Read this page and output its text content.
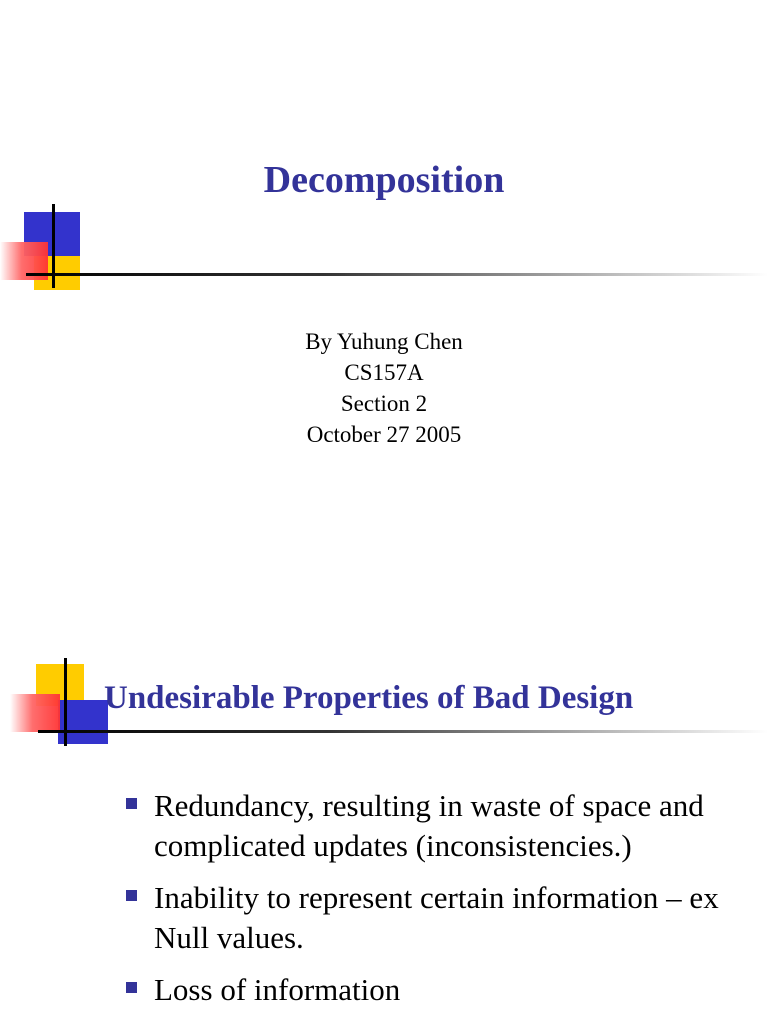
Decomposition
By Yuhung Chen
CS157A
Section 2
October 27 2005
Undesirable Properties of Bad Design
Redundancy, resulting in waste of space and complicated updates (inconsistencies.)
Inability to represent certain information – ex Null values.
Loss of information
